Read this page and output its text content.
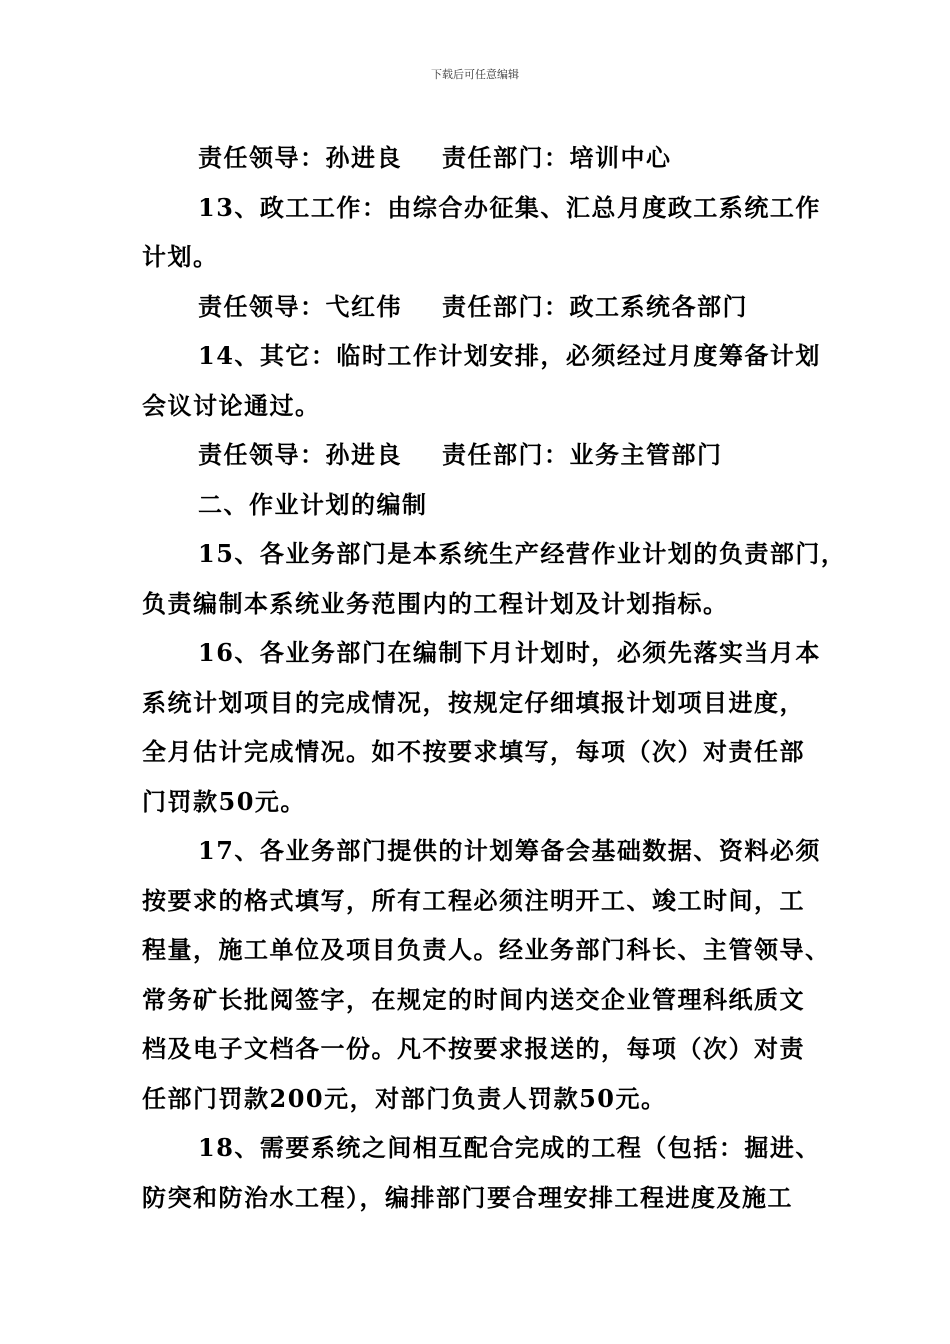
下载后可任意编辑
责任领导：孙进良 责任部门：培训中心
13、政工工作：由综合办征集、汇总月度政工系统工作
计划。
责任领导：弋红伟 责任部门：政工系统各部门
14、其它：临时工作计划安排，必须经过月度筹备计划
会议讨论通过。
责任领导：孙进良 责任部门：业务主管部门
二、作业计划的编制
15、各业务部门是本系统生产经营作业计划的负责部门，
负责编制本系统业务范围内的工程计划及计划指标。
16、各业务部门在编制下月计划时，必须先落实当月本
系统计划项目的完成情况，按规定仔细填报计划项目进度，
全月估计完成情况。如不按要求填写，每项（次）对责任部
门罚款50元。
17、各业务部门提供的计划筹备会基础数据、资料必须
按要求的格式填写，所有工程必须注明开工、竣工时间，工
程量，施工单位及项目负责人。经业务部门科长、主管领导、
常务矿长批阅签字，在规定的时间内送交企业管理科纸质文
档及电子文档各一份。凡不按要求报送的，每项（次）对责
任部门罚款200元，对部门负责人罚款50元。
18、需要系统之间相互配合完成的工程（包括：掘进、
防突和防治水工程），编排部门要合理安排工程进度及施工
